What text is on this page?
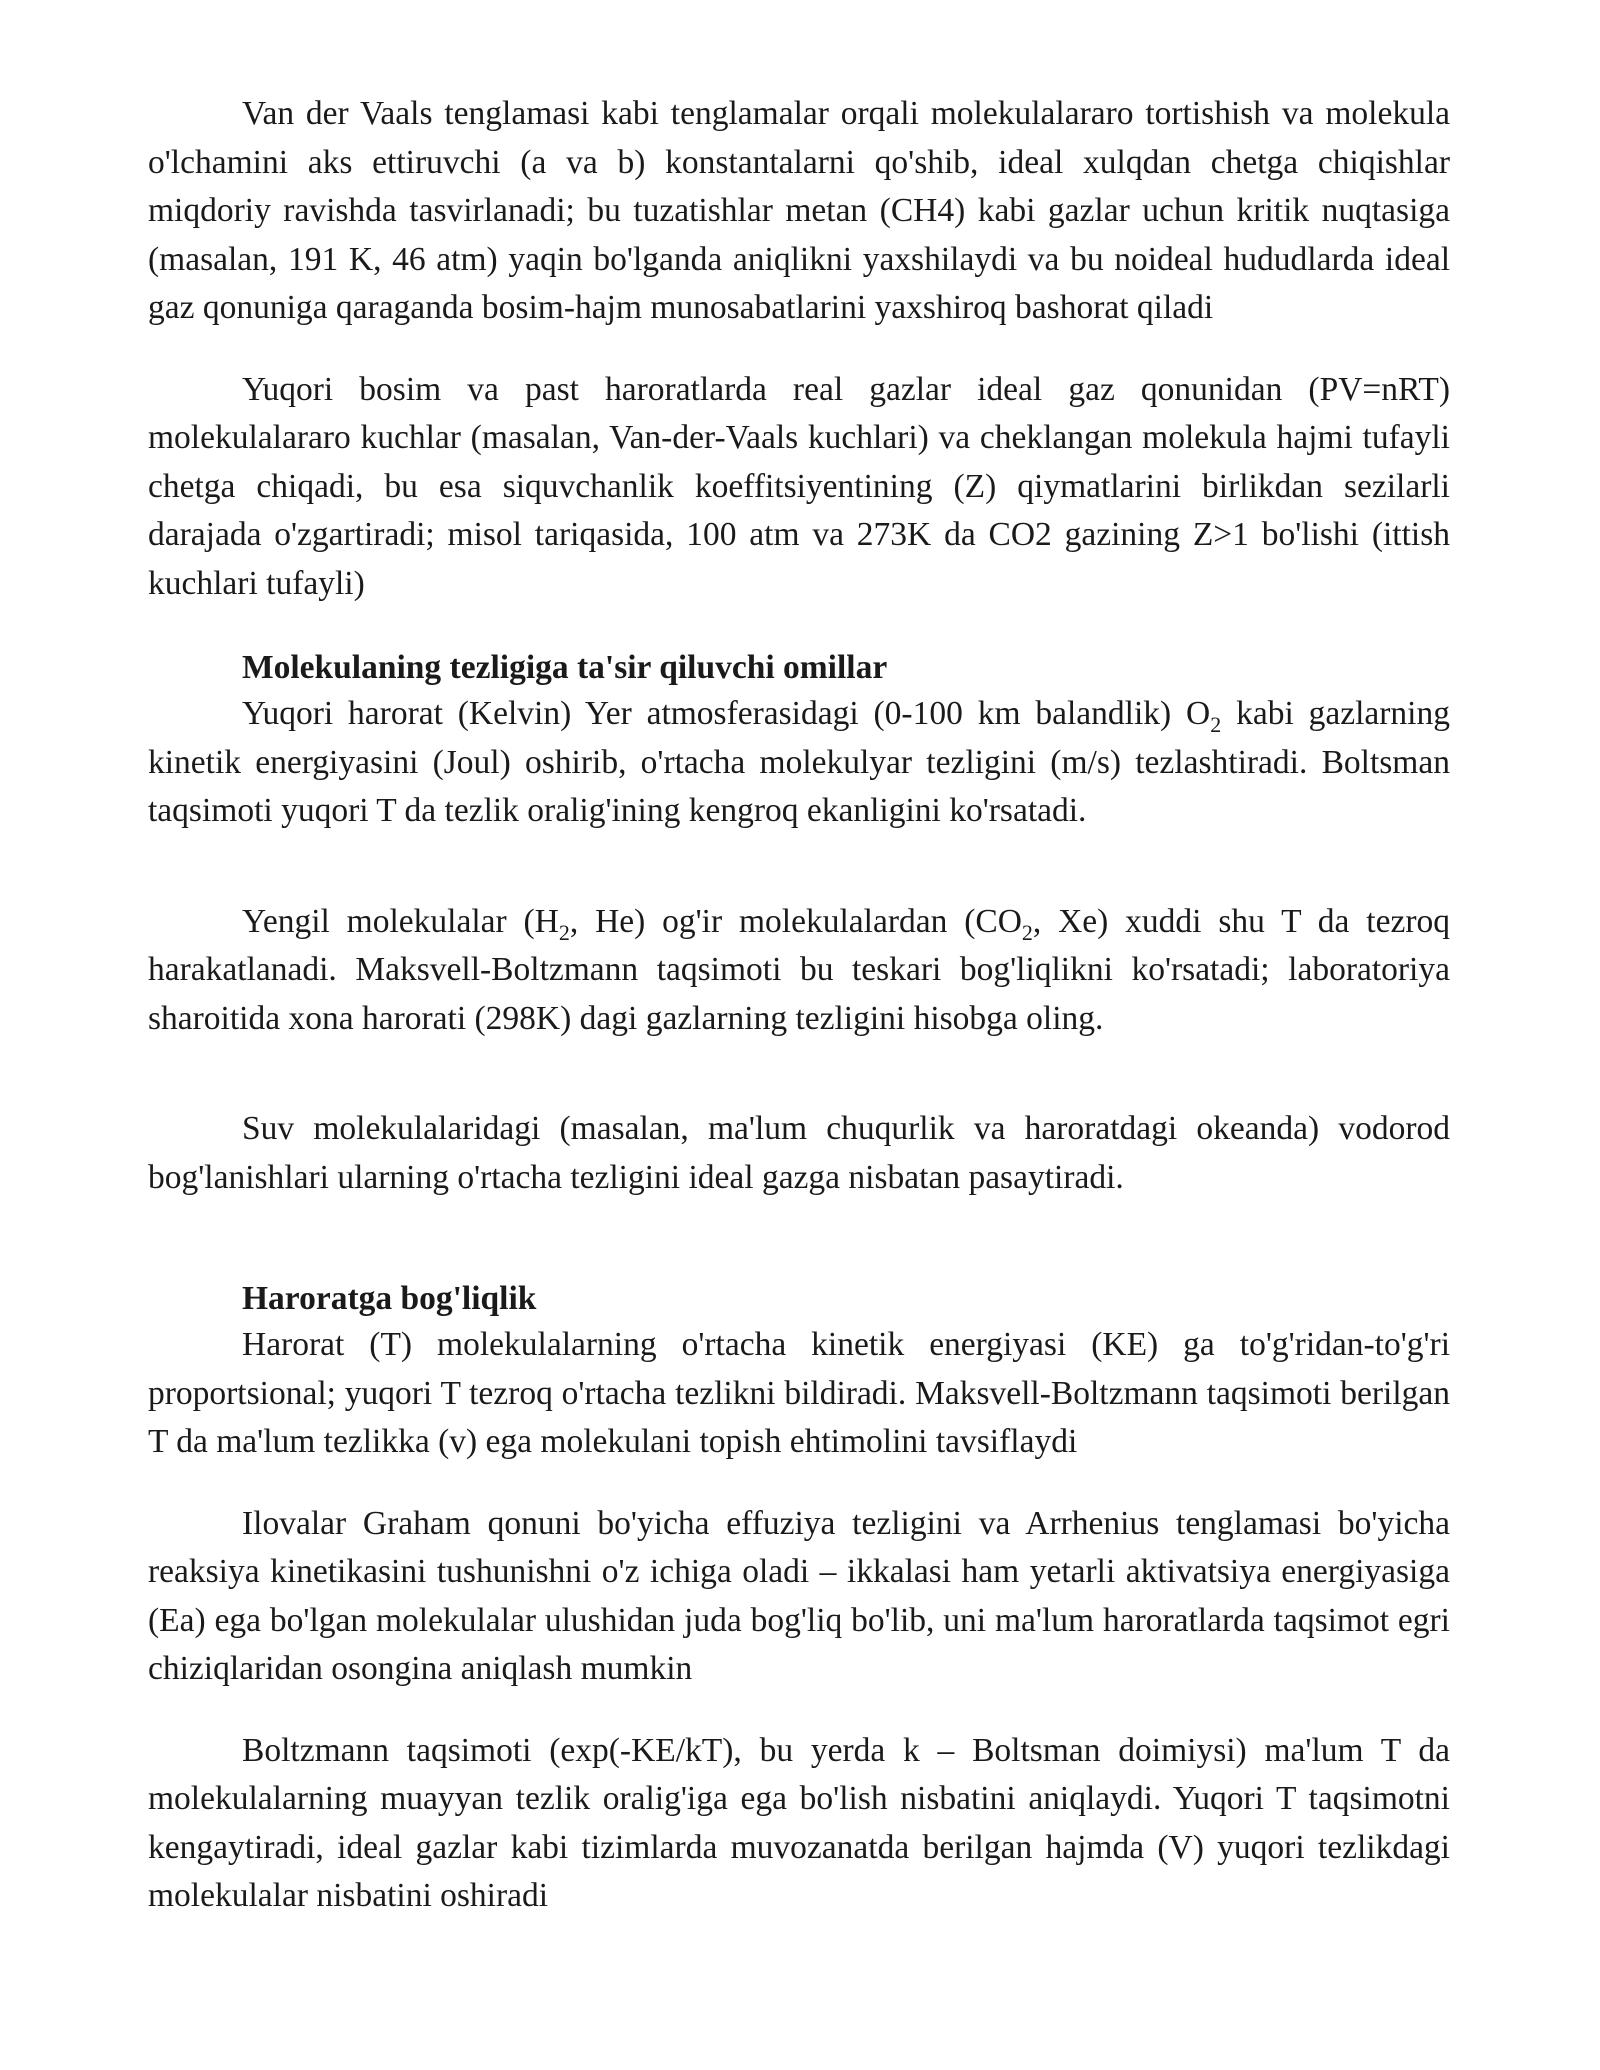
Van der Vaals tenglamasi kabi tenglamalar orqali molekulalararo tortishish va molekula o'lchamini aks ettiruvchi (a va b) konstantalarni qo'shib, ideal xulqdan chetga chiqishlar miqdoriy ravishda tasvirlanadi; bu tuzatishlar metan (CH4) kabi gazlar uchun kritik nuqtasiga (masalan, 191 K, 46 atm) yaqin bo'lganda aniqlikni yaxshilaydi va bu noideal hududlarda ideal gaz qonuniga qaraganda bosim-hajm munosabatlarini yaxshiroq bashorat qiladi

Yuqori bosim va past haroratlarda real gazlar ideal gaz qonunidan (PV=nRT) molekulalararo kuchlar (masalan, Van-der-Vaals kuchlari) va cheklangan molekula hajmi tufayli chetga chiqadi, bu esa siquvchanlik koeffitsiyentining (Z) qiymatlarini birlikdan sezilarli darajada o'zgartiradi; misol tariqasida, 100 atm va 273K da CO2 gazining Z>1 bo'lishi (ittish kuchlari tufayli)

Molekulaning tezligiga ta'sir qiluvchi omillar

Yuqori harorat (Kelvin) Yer atmosferasidagi (0-100 km balandlik) $O_2$ kabi gazlarning kinetik energiyasini (Joul) oshirib, o'rtacha molekulyar tezligini (m/s) tezlashtiradi. Boltsman taqsimoti yuqori T da tezlik oralig'ining kengroq ekanligini ko'rsatadi.

Yengil molekulalar ($H_2$, He) og'ir molekulalardan ($CO_2$, Xe) xuddi shu T da tezroq harakatlanadi. Maksvell-Boltzmann taqsimoti bu teskari bog'liqlikni ko'rsatadi; laboratoriya sharoitida xona harorati (298K) dagi gazlarning tezligini hisobga oling.

Suv molekulalaridagi (masalan, ma'lum chuqurlik va haroratdagi okeanda) vodorod bog'lanishlari ularning o'rtacha tezligini ideal gazga nisbatan pasaytiradi.

Haroratga bog'liqlik

Harorat (T) molekulalarning o'rtacha kinetik energiyasi (KE) ga to'g'ridan-to'g'ri proportsional; yuqori T tezroq o'rtacha tezlikni bildiradi. Maksvell-Boltzmann taqsimoti berilgan T da ma'lum tezlikka (v) ega molekulani topish ehtimolini tavsiflaydi

Ilovalar Graham qonuni bo'yicha effuziya tezligini va Arrhenius tenglamasi bo'yicha reaksiya kinetikasini tushunishni o'z ichiga oladi – ikkalasi ham yetarli aktivatsiya energiyasiga (Ea) ega bo'lgan molekulalar ulushidan juda bog'liq bo'lib, uni ma'lum haroratlarda taqsimot egri chiziqlaridan osongina aniqlash mumkin

Boltzmann taqsimoti (exp(-KE/kT), bu yerda k – Boltsman doimiysi) ma'lum T da molekulalarning muayyan tezlik oralig'iga ega bo'lish nisbatini aniqlaydi. Yuqori T taqsimotni kengaytiradi, ideal gazlar kabi tizimlarda muvozanatda berilgan hajmda (V) yuqori tezlikdagi molekulalar nisbatini oshiradi
